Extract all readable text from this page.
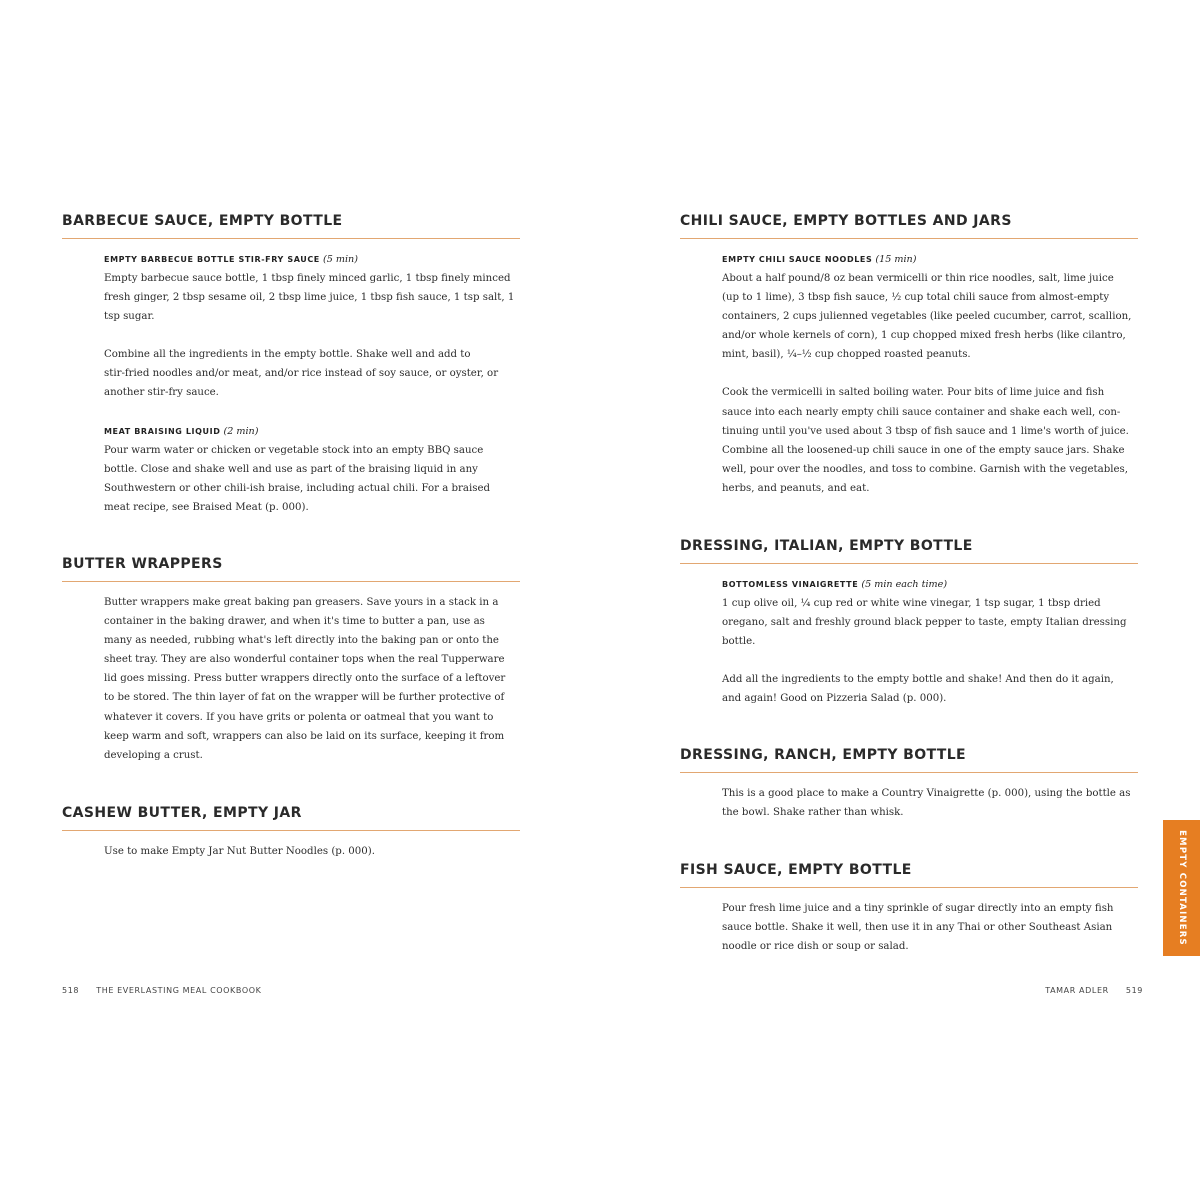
BARBECUE SAUCE, EMPTY BOTTLE

EMPTY BARBECUE BOTTLE STIR-FRY SAUCE (5 min)

Empty barbecue sauce bottle, 1 tbsp finely minced garlic, 1 tbsp finely minced
fresh ginger, 2 tbsp sesame oil, 2 tbsp lime juice, 1 tbsp fish sauce, 1 tsp salt, 1
tsp sugar.

Combine all the ingredients in the empty bottle. Shake well and add to
stir-fried noodles and/or meat, and/or rice instead of soy sauce, or oyster, or
another stir-fry sauce.

MEAT BRAISING LIQUID (2 min)

Pour warm water or chicken or vegetable stock into an empty BBQ sauce
bottle. Close and shake well and use as part of the braising liquid in any
Southwestern or other chili-ish braise, including actual chili. For a braised
meat recipe, see Braised Meat (p. 000).

BUTTER WRAPPERS

Butter wrappers make great baking pan greasers. Save yours in a stack in a
container in the baking drawer, and when it's time to butter a pan, use as
many as needed, rubbing what's left directly into the baking pan or onto the
sheet tray. They are also wonderful container tops when the real Tupperware
lid goes missing. Press butter wrappers directly onto the surface of a leftover
to be stored. The thin layer of fat on the wrapper will be further protective of
whatever it covers. If you have grits or polenta or oatmeal that you want to
keep warm and soft, wrappers can also be laid on its surface, keeping it from
developing a crust.

CASHEW BUTTER, EMPTY JAR

Use to make Empty Jar Nut Butter Noodles (p. 000).

518 THE EVERLASTING MEAL COOKBOOK
CHILI SAUCE, EMPTY BOTTLES AND JARS

EMPTY CHILI SAUCE NOODLES (15 min)

About a half pound/8 oz bean vermicelli or thin rice noodles, salt, lime juice
(up to 1 lime), 3 tbsp fish sauce, ½ cup total chili sauce from almost-empty
containers, 2 cups julienned vegetables (like peeled cucumber, carrot, scallion,
and/or whole kernels of corn), 1 cup chopped mixed fresh herbs (like cilantro,
mint, basil), ¼–½ cup chopped roasted peanuts.

Cook the vermicelli in salted boiling water. Pour bits of lime juice and fish
sauce into each nearly empty chili sauce container and shake each well, con-
tinuing until you've used about 3 tbsp of fish sauce and 1 lime's worth of juice.
Combine all the loosened-up chili sauce in one of the empty sauce jars. Shake
well, pour over the noodles, and toss to combine. Garnish with the vegetables,
herbs, and peanuts, and eat.

DRESSING, ITALIAN, EMPTY BOTTLE

BOTTOMLESS VINAIGRETTE (5 min each time)

1 cup olive oil, ¼ cup red or white wine vinegar, 1 tsp sugar, 1 tbsp dried
oregano, salt and freshly ground black pepper to taste, empty Italian dressing
bottle.

Add all the ingredients to the empty bottle and shake! And then do it again,
and again! Good on Pizzeria Salad (p. 000).

DRESSING, RANCH, EMPTY BOTTLE

This is a good place to make a Country Vinaigrette (p. 000), using the bottle as
the bowl. Shake rather than whisk.

FISH SAUCE, EMPTY BOTTLE

Pour fresh lime juice and a tiny sprinkle of sugar directly into an empty fish
sauce bottle. Shake it well, then use it in any Thai or other Southeast Asian
noodle or rice dish or soup or salad.

TAMAR ADLER 519
EMPTY CONTAINERS
